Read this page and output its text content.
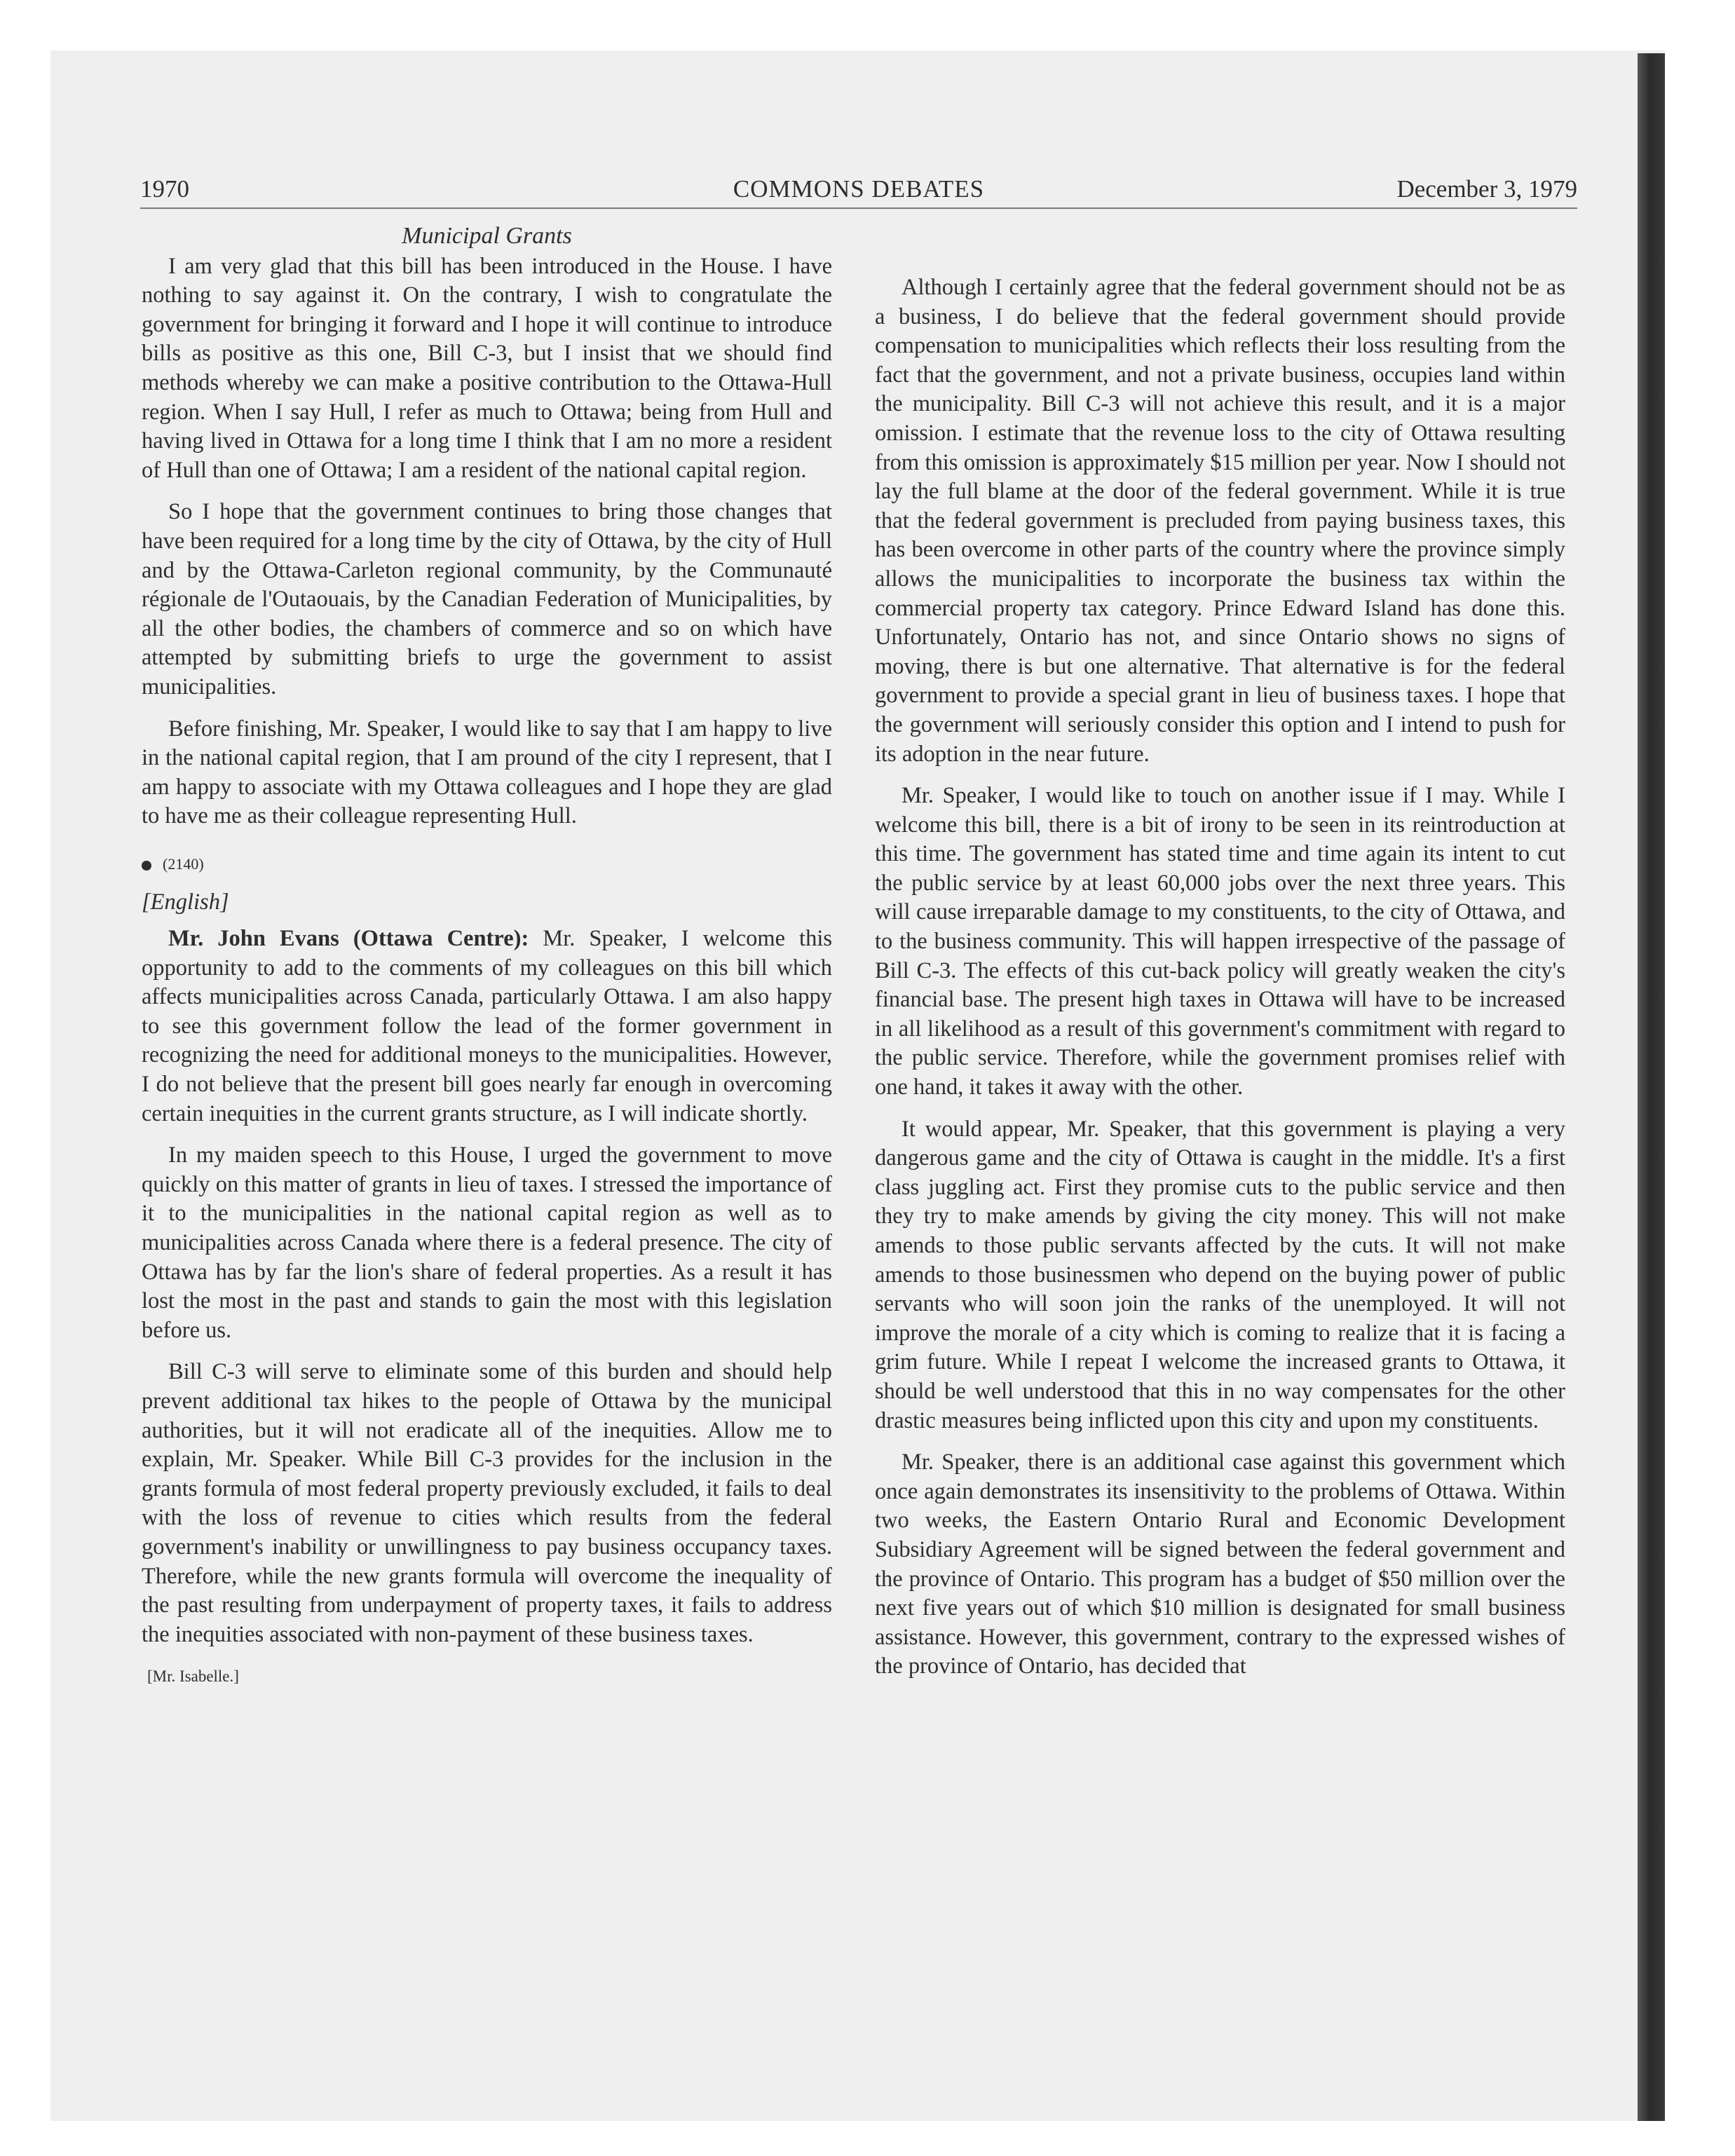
1970	COMMONS DEBATES	December 3, 1979

Municipal Grants

I am very glad that this bill has been introduced in the House. I have nothing to say against it. On the contrary, I wish to congratulate the government for bringing it forward and I hope it will continue to introduce bills as positive as this one, Bill C-3, but I insist that we should find methods whereby we can make a positive contribution to the Ottawa-Hull region. When I say Hull, I refer as much to Ottawa; being from Hull and having lived in Ottawa for a long time I think that I am no more a resident of Hull than one of Ottawa; I am a resident of the national capital region.

So I hope that the government continues to bring those changes that have been required for a long time by the city of Ottawa, by the city of Hull and by the Ottawa-Carleton regional community, by the Communauté régionale de l'Outaouais, by the Canadian Federation of Municipalities, by all the other bodies, the chambers of commerce and so on which have attempted by submitting briefs to urge the government to assist municipalities.

Before finishing, Mr. Speaker, I would like to say that I am happy to live in the national capital region, that I am pround of the city I represent, that I am happy to associate with my Ottawa colleagues and I hope they are glad to have me as their colleague representing Hull.

(2140)

[English]

Mr. John Evans (Ottawa Centre): Mr. Speaker, I welcome this opportunity to add to the comments of my colleagues on this bill which affects municipalities across Canada, particularly Ottawa. I am also happy to see this government follow the lead of the former government in recognizing the need for additional moneys to the municipalities. However, I do not believe that the present bill goes nearly far enough in overcoming certain inequities in the current grants structure, as I will indicate shortly.

In my maiden speech to this House, I urged the government to move quickly on this matter of grants in lieu of taxes. I stressed the importance of it to the municipalities in the national capital region as well as to municipalities across Canada where there is a federal presence. The city of Ottawa has by far the lion's share of federal properties. As a result it has lost the most in the past and stands to gain the most with this legislation before us.

Bill C-3 will serve to eliminate some of this burden and should help prevent additional tax hikes to the people of Ottawa by the municipal authorities, but it will not eradicate all of the inequities. Allow me to explain, Mr. Speaker. While Bill C-3 provides for the inclusion in the grants formula of most federal property previously excluded, it fails to deal with the loss of revenue to cities which results from the federal government's inability or unwillingness to pay business occupancy taxes. Therefore, while the new grants formula will overcome the inequality of the past resulting from underpayment of property taxes, it fails to address the inequities associated with non-payment of these business taxes.

[Mr. Isabelle.]

Although I certainly agree that the federal government should not be as a business, I do believe that the federal government should provide compensation to municipalities which reflects their loss resulting from the fact that the government, and not a private business, occupies land within the municipality. Bill C-3 will not achieve this result, and it is a major omission. I estimate that the revenue loss to the city of Ottawa resulting from this omission is approximately $15 million per year. Now I should not lay the full blame at the door of the federal government. While it is true that the federal government is precluded from paying business taxes, this has been overcome in other parts of the country where the province simply allows the municipalities to incorporate the business tax within the commercial property tax category. Prince Edward Island has done this. Unfortunately, Ontario has not, and since Ontario shows no signs of moving, there is but one alternative. That alternative is for the federal government to provide a special grant in lieu of business taxes. I hope that the government will seriously consider this option and I intend to push for its adoption in the near future.

Mr. Speaker, I would like to touch on another issue if I may. While I welcome this bill, there is a bit of irony to be seen in its reintroduction at this time. The government has stated time and time again its intent to cut the public service by at least 60,000 jobs over the next three years. This will cause irreparable damage to my constituents, to the city of Ottawa, and to the business community. This will happen irrespective of the passage of Bill C-3. The effects of this cut-back policy will greatly weaken the city's financial base. The present high taxes in Ottawa will have to be increased in all likelihood as a result of this government's commitment with regard to the public service. Therefore, while the government promises relief with one hand, it takes it away with the other.

It would appear, Mr. Speaker, that this government is playing a very dangerous game and the city of Ottawa is caught in the middle. It's a first class juggling act. First they promise cuts to the public service and then they try to make amends by giving the city money. This will not make amends to those public servants affected by the cuts. It will not make amends to those businessmen who depend on the buying power of public servants who will soon join the ranks of the unemployed. It will not improve the morale of a city which is coming to realize that it is facing a grim future. While I repeat I welcome the increased grants to Ottawa, it should be well understood that this in no way compensates for the other drastic measures being inflicted upon this city and upon my constituents.

Mr. Speaker, there is an additional case against this government which once again demonstrates its insensitivity to the problems of Ottawa. Within two weeks, the Eastern Ontario Rural and Economic Development Subsidiary Agreement will be signed between the federal government and the province of Ontario. This program has a budget of $50 million over the next five years out of which $10 million is designated for small business assistance. However, this government, contrary to the expressed wishes of the province of Ontario, has decided that
